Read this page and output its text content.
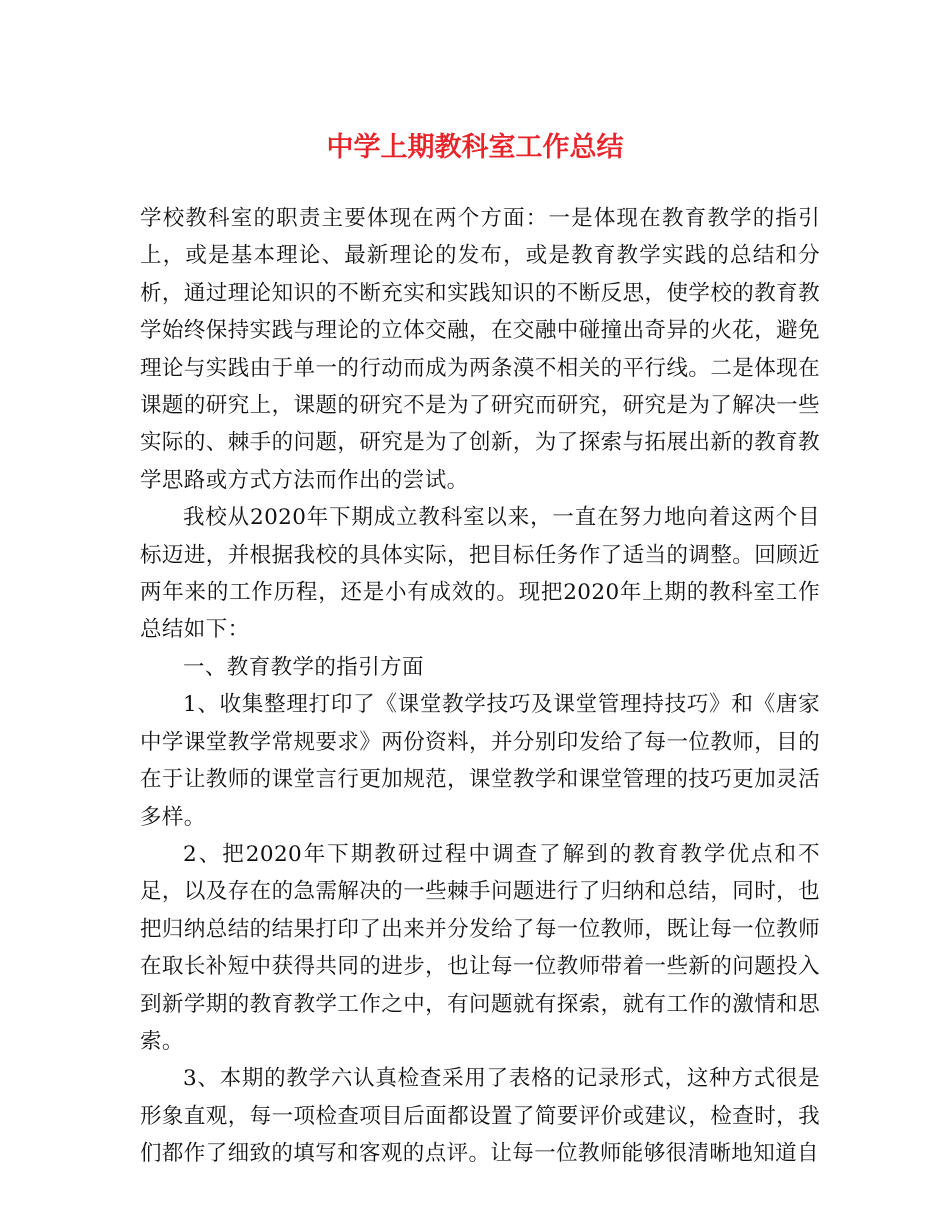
中学上期教科室工作总结

学校教科室的职责主要体现在两个方面：一是体现在教育教学的指引上，或是基本理论、最新理论的发布，或是教育教学实践的总结和分析，通过理论知识的不断充实和实践知识的不断反思，使学校的教育教学始终保持实践与理论的立体交融，在交融中碰撞出奇异的火花，避免理论与实践由于单一的行动而成为两条漠不相关的平行线。二是体现在课题的研究上，课题的研究不是为了研究而研究，研究是为了解决一些实际的、棘手的问题，研究是为了创新，为了探索与拓展出新的教育教学思路或方式方法而作出的尝试。

我校从2020年下期成立教科室以来，一直在努力地向着这两个目标迈进，并根据我校的具体实际，把目标任务作了适当的调整。回顾近两年来的工作历程，还是小有成效的。现把2020年上期的教科室工作总结如下：

一、教育教学的指引方面

1、收集整理打印了《课堂教学技巧及课堂管理持技巧》和《唐家中学课堂教学常规要求》两份资料，并分别印发给了每一位教师，目的在于让教师的课堂言行更加规范，课堂教学和课堂管理的技巧更加灵活多样。

2、把2020年下期教研过程中调查了解到的教育教学优点和不足，以及存在的急需解决的一些棘手问题进行了归纳和总结，同时，也把归纳总结的结果打印了出来并分发给了每一位教师，既让每一位教师在取长补短中获得共同的进步，也让每一位教师带着一些新的问题投入到新学期的教育教学工作之中，有问题就有探索，就有工作的激情和思索。

3、本期的教学六认真检查采用了表格的记录形式，这种方式很是形象直观，每一项检查项目后面都设置了简要评价或建议，检查时，我们都作了细致的填写和客观的点评。让每一位教师能够很清晰地知道自
